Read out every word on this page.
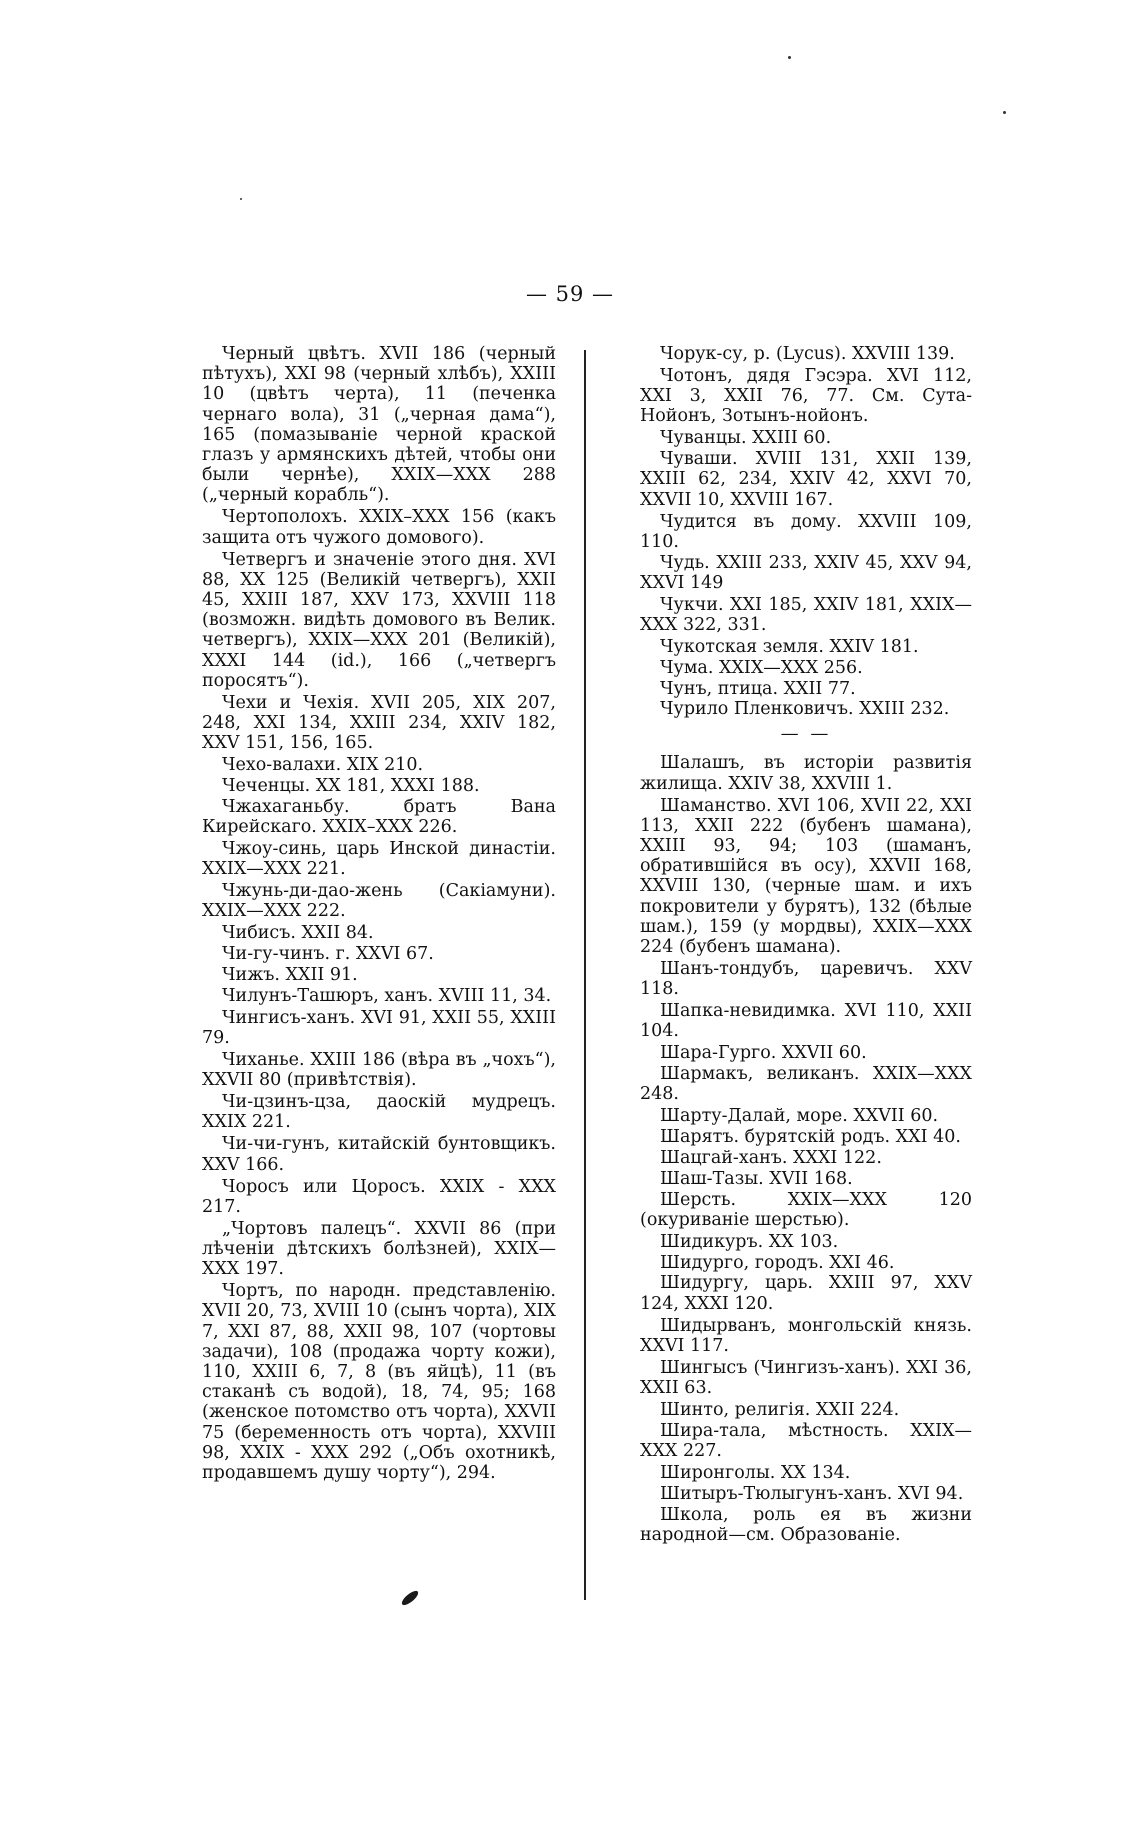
— 59 —

Черный цвѣтъ. XVII 186 (черный пѣтухъ), XXI 98 (черный хлѣбъ), XXIII 10 (цвѣтъ черта), 11 (печенка чернаго вола), 31 („черная дама“), 165 (помазываніе черной краской глазъ у армянскихъ дѣтей, чтобы они были чернѣе), XXIX—XXX 288 („черный корабль“).

Чертополохъ. XXIX–XXX 156 (какъ защита отъ чужого домового).

Четвергъ и значеніе этого дня. XVI 88, XX 125 (Великій четвергъ), XXII 45, XXIII 187, XXV 173, XXVIII 118 (возможн. видѣть домового въ Велик. четвергъ), XXIX—XXX 201 (Великій), XXXI 144 (id.), 166 („четвергъ поросятъ“).

Чехи и Чехія. XVII 205, XIX 207, 248, XXI 134, XXIII 234, XXIV 182, XXV 151, 156, 165.

Чехо-валахи. XIX 210.

Чеченцы. XX 181, XXXI 188.

Чжахаганьбу. братъ Вана Кирейскаго. XXIX–XXX 226.

Чжоу-синь, царь Инской династіи. XXIX—XXX 221.

Чжунь-ди-дао-жень (Сакіамуни). XXIX—XXX 222.

Чибисъ. XXII 84.

Чи-гу-чинъ. г. XXVI 67.

Чижъ. XXII 91.

Чилунъ-Ташюръ, ханъ. XVIII 11, 34.

Чингисъ-ханъ. XVI 91, XXII 55, XXIII 79.

Чиханье. XXIII 186 (вѣра въ „чохъ“), XXVII 80 (привѣтствія).

Чи-цзинъ-цза, даоскій мудрецъ. XXIX 221.

Чи-чи-гунъ, китайскій бунтовщикъ. XXV 166.

Чоросъ или Цоросъ. XXIX - XXX 217.

„Чортовъ палецъ“. XXVII 86 (при лѣченіи дѣтскихъ болѣзней), XXIX—XXX 197.

Чортъ, по народн. представленію. XVII 20, 73, XVIII 10 (сынъ чорта), XIX 7, XXI 87, 88, XXII 98, 107 (чортовы задачи), 108 (продажа чорту кожи), 110, XXIII 6, 7, 8 (въ яйцѣ), 11 (въ стаканѣ съ водой), 18, 74, 95; 168 (женское потомство отъ чорта), XXVII 75 (беременность отъ чорта), XXVIII 98, XXIX - XXX 292 („Объ охотникѣ, продавшемъ душу чорту“), 294.

Чорук-су, р. (Lycus). XXVIII 139.

Чотонъ, дядя Гэсэра. XVI 112, XXI 3, XXII 76, 77. См. Сута-Нойонъ, Зотынъ-нойонъ.

Чуванцы. XXIII 60.

Чуваши. XVIII 131, XXII 139, XXIII 62, 234, XXIV 42, XXVI 70, XXVII 10, XXVIII 167.

Чудится въ дому. XXVIII 109, 110.

Чудь. XXIII 233, XXIV 45, XXV 94, XXVI 149

Чукчи. XXI 185, XXIV 181, XXIX—XXX 322, 331.

Чукотская земля. XXIV 181.

Чума. XXIX—XXX 256.

Чунъ, птица. XXII 77.

Чурило Пленковичъ. XXIII 232.

— —

Шалашъ, въ исторіи развитія жилища. XXIV 38, XXVIII 1.

Шаманство. XVI 106, XVII 22, XXI 113, XXII 222 (бубенъ шамана), XXIII 93, 94; 103 (шаманъ, обратившійся въ осу), XXVII 168, XXVIII 130, (черные шам. и ихъ покровители у бурятъ), 132 (бѣлые шам.), 159 (у мордвы), XXIX—XXX 224 (бубенъ шамана).

Шанъ-тондубъ, царевичъ. XXV 118.

Шапка-невидимка. XVI 110, XXII 104.

Шара-Гурго. XXVII 60.

Шармакъ, великанъ. XXIX—XXX 248.

Шарту-Далай, море. XXVII 60.

Шарятъ. бурятскій родъ. XXI 40.

Шацгай-ханъ. XXXI 122.

Шаш-Тазы. XVII 168.

Шерсть. XXIX—XXX 120 (окуриваніе шерстью).

Шидикуръ. XX 103.

Шидурго, городъ. XXI 46.

Шидургу, царь. XXIII 97, XXV 124, XXXI 120.

Шидырванъ, монгольскій князь. XXVI 117.

Шингысъ (Чингизъ-ханъ). XXI 36, XXII 63.

Шинто, религія. XXII 224.

Шира-тала, мѣстность. XXIX—XXX 227.

Широнголы. XX 134.

Шитыръ-Тюлыгунъ-ханъ. XVI 94.

Школа, роль ея въ жизни народной—см. Образованіе.
